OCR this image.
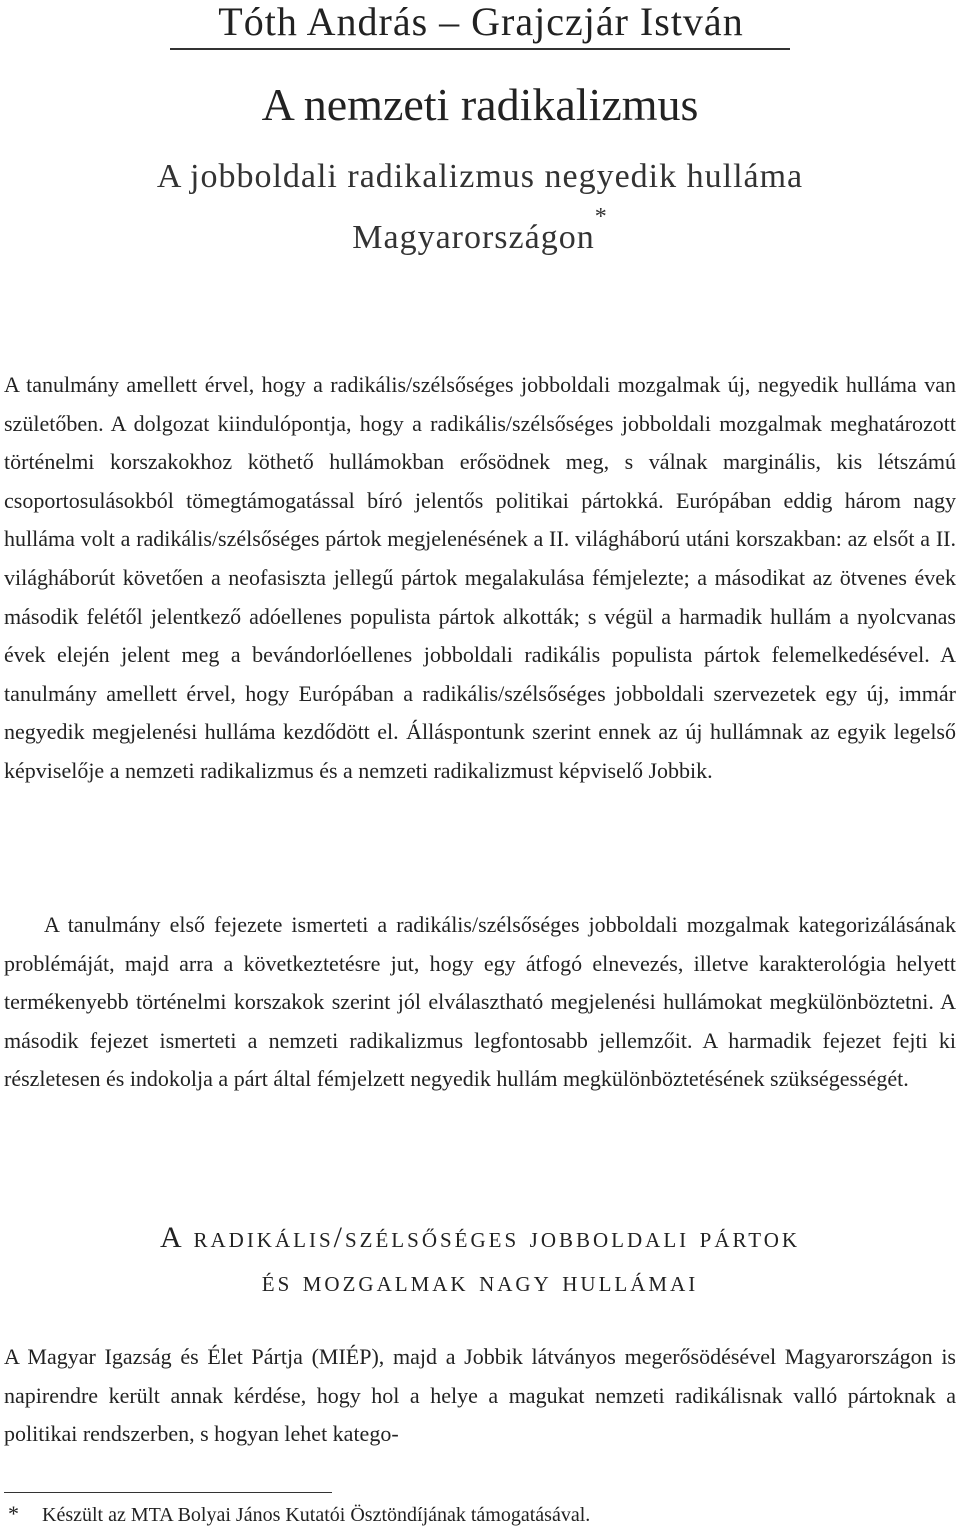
Tóth András – Grajczjár István
A nemzeti radikalizmus
A jobboldali radikalizmus negyedik hulláma Magyarországon*
A tanulmány amellett érvel, hogy a radikális/szélsőséges jobboldali mozgalmak új, negyedik hulláma van születőben. A dolgozat kiindulópontja, hogy a radikális/szélsőséges jobboldali mozgalmak meghatározott történelmi korszakokhoz köthető hullámokban erősödnek meg, s válnak marginális, kis létszámú csoportosulásokból tömegtámogatással bíró jelentős politikai pártokká. Európában eddig három nagy hulláma volt a radikális/szélsőséges pártok megjelenésének a II. világháború utáni korszakban: az elsőt a II. világháborút követően a neofasiszta jellegű pártok megalakulása fémjelezte; a másodikat az ötvenes évek második felétől jelentkező adóellenes populista pártok alkották; s végül a harmadik hullám a nyolcvanas évek elején jelent meg a bevándorlóellenes jobboldali radikális populista pártok felemelkedésével. A tanulmány amellett érvel, hogy Európában a radikális/szélsőséges jobboldali szervezetek egy új, immár negyedik megjelenési hulláma kezdődött el. Álláspontunk szerint ennek az új hullámnak az egyik legelső képviselője a nemzeti radikalizmus és a nemzeti radikalizmust képviselő Jobbik.
A tanulmány első fejezete ismerteti a radikális/szélsőséges jobboldali mozgalmak kategorizálásának problémáját, majd arra a következtetésre jut, hogy egy átfogó elnevezés, illetve karakterológia helyett termékenyebb történelmi korszakok szerint jól elválasztható megjelenési hullámokat megkülönböztetni. A második fejezet ismerteti a nemzeti radikalizmus legfontosabb jellemzőit. A harmadik fejezet fejti ki részletesen és indokolja a párt által fémjelzett negyedik hullám megkülönböztetésének szükségességét.
A radikális/szélsőséges jobboldali pártok
és mozgalmak nagy hullámai
A Magyar Igazság és Élet Pártja (MIÉP), majd a Jobbik látványos megerősödésével Magyarországon is napirendre került annak kérdése, hogy hol a helye a magukat nemzeti radikálisnak valló pártoknak a politikai rendszerben, s hogyan lehet katego-
* Készült az MTA Bolyai János Kutatói Ösztöndíjának támogatásával.
